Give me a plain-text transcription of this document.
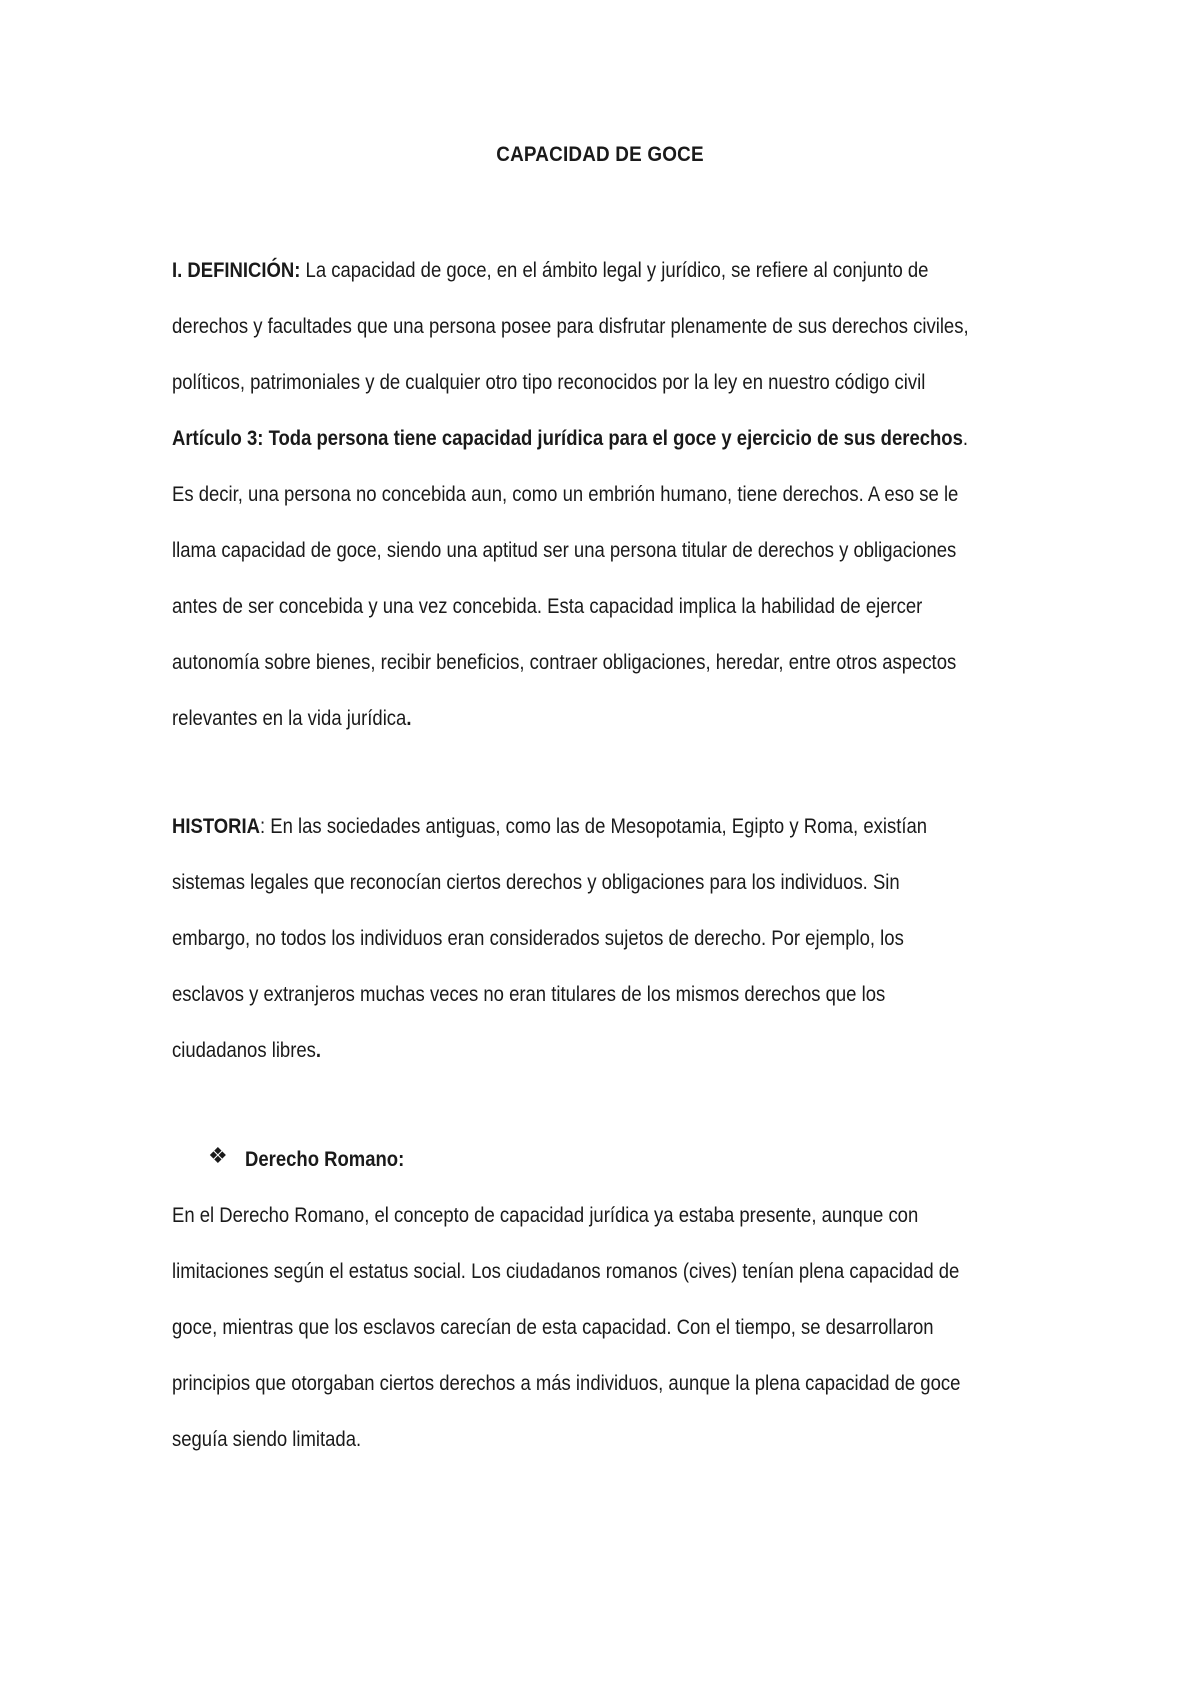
CAPACIDAD DE GOCE
I. DEFINICIÓN: La capacidad de goce, en el ámbito legal y jurídico, se refiere al conjunto de
derechos y facultades que una persona posee para disfrutar plenamente de sus derechos civiles,
políticos, patrimoniales y de cualquier otro tipo reconocidos por la ley en nuestro código civil
Artículo 3: Toda persona tiene capacidad jurídica para el goce y ejercicio de sus derechos.
Es decir, una persona no concebida aun, como un embrión humano, tiene derechos. A eso se le
llama capacidad de goce, siendo una aptitud ser una persona titular de derechos y obligaciones
antes de ser concebida y una vez concebida. Esta capacidad implica la habilidad de ejercer
autonomía sobre bienes, recibir beneficios, contraer obligaciones, heredar, entre otros aspectos
relevantes en la vida jurídica.
HISTORIA: En las sociedades antiguas, como las de Mesopotamia, Egipto y Roma, existían
sistemas legales que reconocían ciertos derechos y obligaciones para los individuos. Sin
embargo, no todos los individuos eran considerados sujetos de derecho. Por ejemplo, los
esclavos y extranjeros muchas veces no eran titulares de los mismos derechos que los
ciudadanos libres.
❖ Derecho Romano:
En el Derecho Romano, el concepto de capacidad jurídica ya estaba presente, aunque con
limitaciones según el estatus social. Los ciudadanos romanos (cives) tenían plena capacidad de
goce, mientras que los esclavos carecían de esta capacidad. Con el tiempo, se desarrollaron
principios que otorgaban ciertos derechos a más individuos, aunque la plena capacidad de goce
seguía siendo limitada.
